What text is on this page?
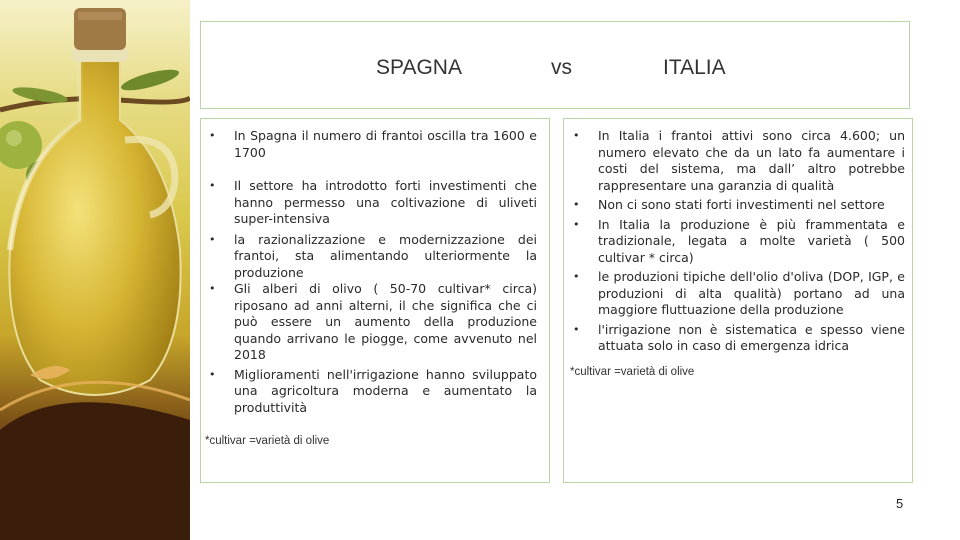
SPAGNA	vs	ITALIA
• In Spagna il numero di frantoi oscilla tra 1600 e 1700
• Il settore ha introdotto forti investimenti che hanno permesso una coltivazione di uliveti super-intensiva
• la razionalizzazione e modernizzazione dei frantoi, sta alimentando ulteriormente la produzione
• Gli alberi di olivo ( 50-70 cultivar* circa) riposano ad anni alterni, il che significa che ci può essere un aumento della produzione quando arrivano le piogge, come avvenuto nel 2018
• Miglioramenti nell'irrigazione hanno sviluppato una agricoltura moderna e aumentato la produttività
*cultivar =varietà di olive
• In Italia i frantoi attivi sono circa 4.600; un numero elevato che da un lato fa aumentare i costi del sistema, ma dall’ altro potrebbe rappresentare una garanzia di qualità
• Non ci sono stati forti investimenti nel settore
• In Italia la produzione è più frammentata e tradizionale, legata a molte varietà ( 500 cultivar * circa)
• le produzioni tipiche dell'olio d'oliva (DOP, IGP, e produzioni di alta qualità) portano ad una maggiore fluttuazione della produzione
• l'irrigazione non è sistematica e spesso viene attuata solo in caso di emergenza idrica
*cultivar =varietà di olive
5
